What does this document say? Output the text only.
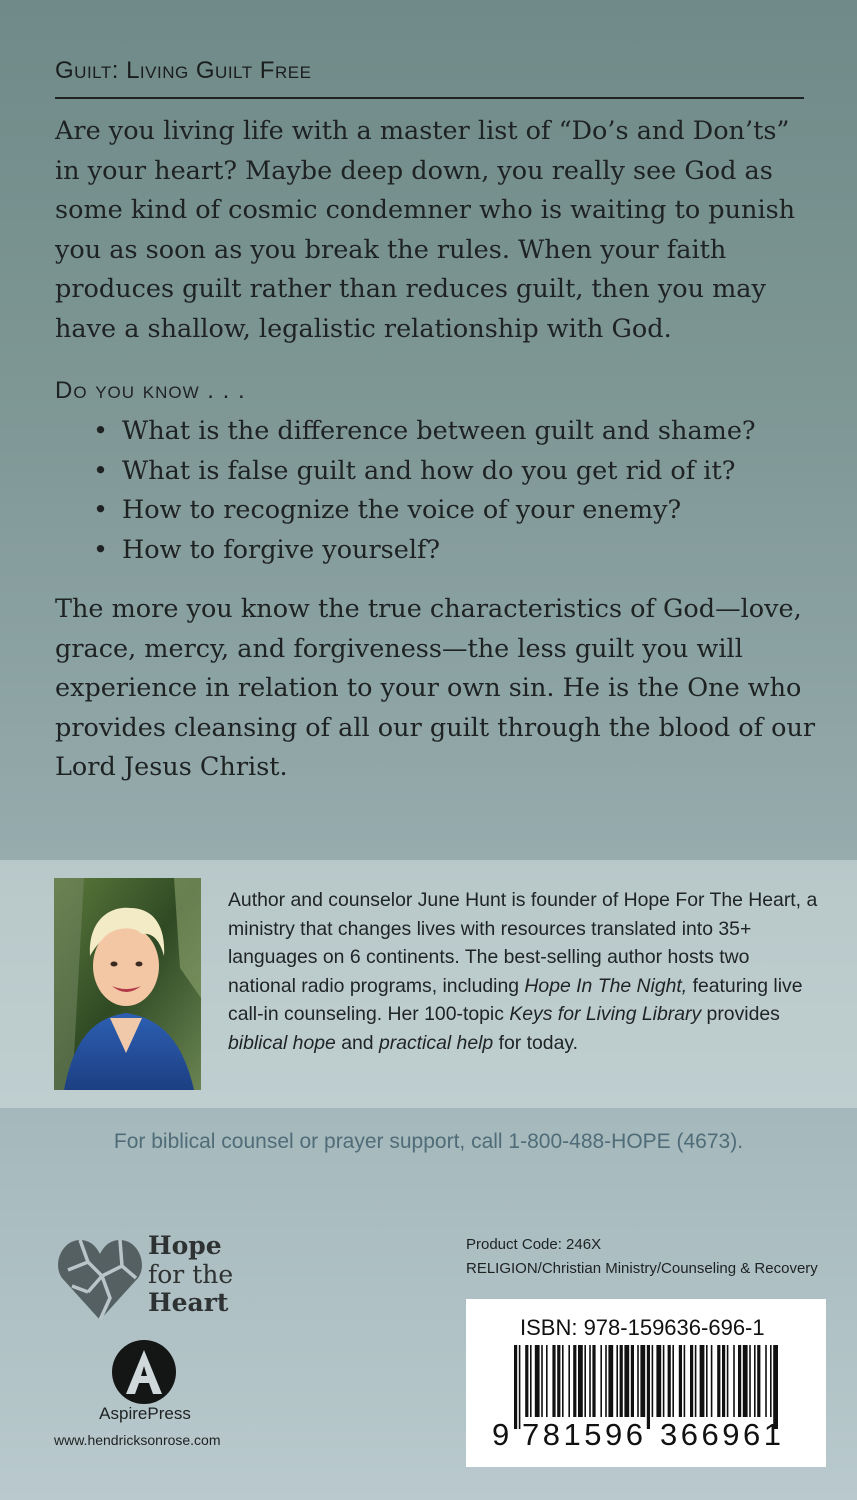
Guilt: Living Guilt Free

Are you living life with a master list of “Do’s and Don’ts” in your heart? Maybe deep down, you really see God as some kind of cosmic condemner who is waiting to punish you as soon as you break the rules. When your faith produces guilt rather than reduces guilt, then you may have a shallow, legalistic relationship with God.

Do you know . . .

• What is the difference between guilt and shame?
• What is false guilt and how do you get rid of it?
• How to recognize the voice of your enemy?
• How to forgive yourself?

The more you know the true characteristics of God—love, grace, mercy, and forgiveness—the less guilt you will experience in relation to your own sin. He is the One who provides cleansing of all our guilt through the blood of our Lord Jesus Christ.

Author and counselor June Hunt is founder of Hope For The Heart, a ministry that changes lives with resources translated into 35+ languages on 6 continents. The best-selling author hosts two national radio programs, including Hope In The Night, featuring live call-in counseling. Her 100-topic Keys for Living Library provides biblical hope and practical help for today.

For biblical counsel or prayer support, call 1-800-488-HOPE (4673).

Hope
for the
Heart

AspirePress

www.hendricksonrose.com

Product Code: 246X

RELIGION/Christian Ministry/Counseling & Recovery

ISBN: 978-159636-696-1

9 781596 366961
